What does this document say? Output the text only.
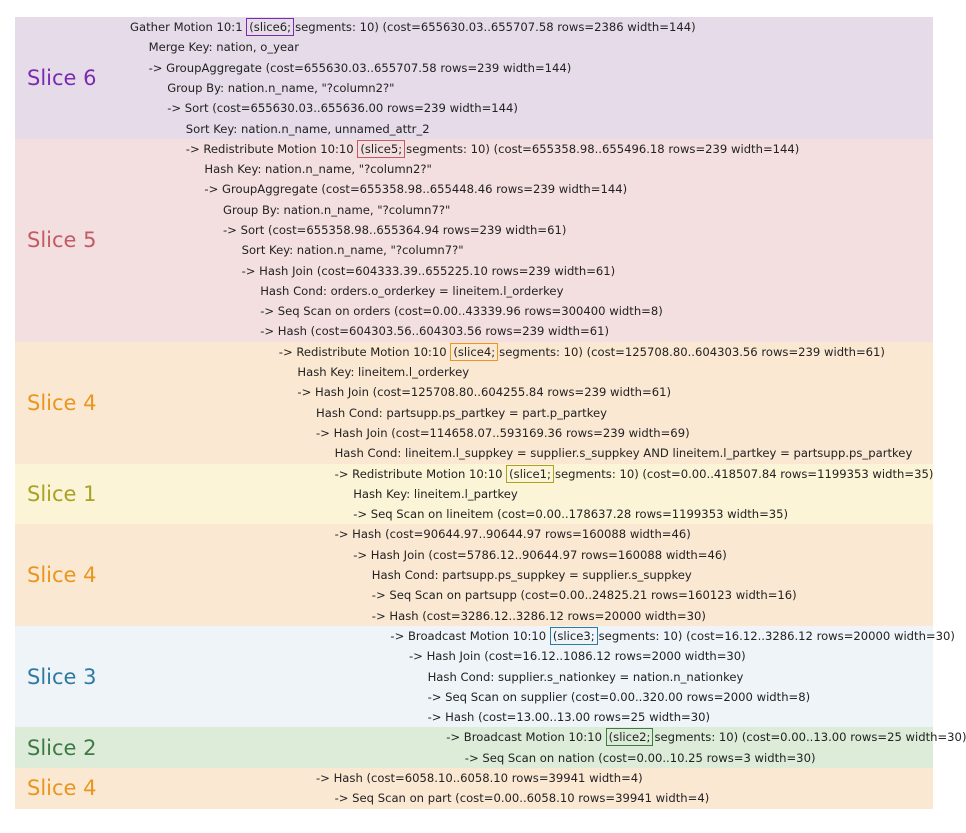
Slice 6
Gather Motion 10:1 (slice6; segments: 10) (cost=655630.03..655707.58 rows=2386 width=144)
Merge Key: nation, o_year
-> GroupAggregate (cost=655630.03..655707.58 rows=239 width=144)
Group By: nation.n_name, "?column2?"
-> Sort (cost=655630.03..655636.00 rows=239 width=144)
Sort Key: nation.n_name, unnamed_attr_2
Slice 5
-> Redistribute Motion 10:10 (slice5; segments: 10) (cost=655358.98..655496.18 rows=239 width=144)
Hash Key: nation.n_name, "?column2?"
-> GroupAggregate (cost=655358.98..655448.46 rows=239 width=144)
Group By: nation.n_name, "?column7?"
-> Sort (cost=655358.98..655364.94 rows=239 width=61)
Sort Key: nation.n_name, "?column7?"
-> Hash Join (cost=604333.39..655225.10 rows=239 width=61)
Hash Cond: orders.o_orderkey = lineitem.l_orderkey
-> Seq Scan on orders (cost=0.00..43339.96 rows=300400 width=8)
-> Hash (cost=604303.56..604303.56 rows=239 width=61)
Slice 4
-> Redistribute Motion 10:10 (slice4; segments: 10) (cost=125708.80..604303.56 rows=239 width=61)
Hash Key: lineitem.l_orderkey
-> Hash Join (cost=125708.80..604255.84 rows=239 width=61)
Hash Cond: partsupp.ps_partkey = part.p_partkey
-> Hash Join (cost=114658.07..593169.36 rows=239 width=69)
Hash Cond: lineitem.l_suppkey = supplier.s_suppkey AND lineitem.l_partkey = partsupp.ps_partkey
Slice 1
-> Redistribute Motion 10:10 (slice1; segments: 10) (cost=0.00..418507.84 rows=1199353 width=35)
Hash Key: lineitem.l_partkey
-> Seq Scan on lineitem (cost=0.00..178637.28 rows=1199353 width=35)
Slice 4
-> Hash (cost=90644.97..90644.97 rows=160088 width=46)
-> Hash Join (cost=5786.12..90644.97 rows=160088 width=46)
Hash Cond: partsupp.ps_suppkey = supplier.s_suppkey
-> Seq Scan on partsupp (cost=0.00..24825.21 rows=160123 width=16)
-> Hash (cost=3286.12..3286.12 rows=20000 width=30)
Slice 3
-> Broadcast Motion 10:10 (slice3; segments: 10) (cost=16.12..3286.12 rows=20000 width=30)
-> Hash Join (cost=16.12..1086.12 rows=2000 width=30)
Hash Cond: supplier.s_nationkey = nation.n_nationkey
-> Seq Scan on supplier (cost=0.00..320.00 rows=2000 width=8)
-> Hash (cost=13.00..13.00 rows=25 width=30)
Slice 2	-> Broadcast Motion 10:10 (slice2; segments: 10) (cost=0.00..13.00 rows=25 width=30)
-> Seq Scan on nation (cost=0.00..10.25 rows=3 width=30)
Slice 4	-> Hash (cost=6058.10..6058.10 rows=39941 width=4)
-> Seq Scan on part (cost=0.00..6058.10 rows=39941 width=4)
